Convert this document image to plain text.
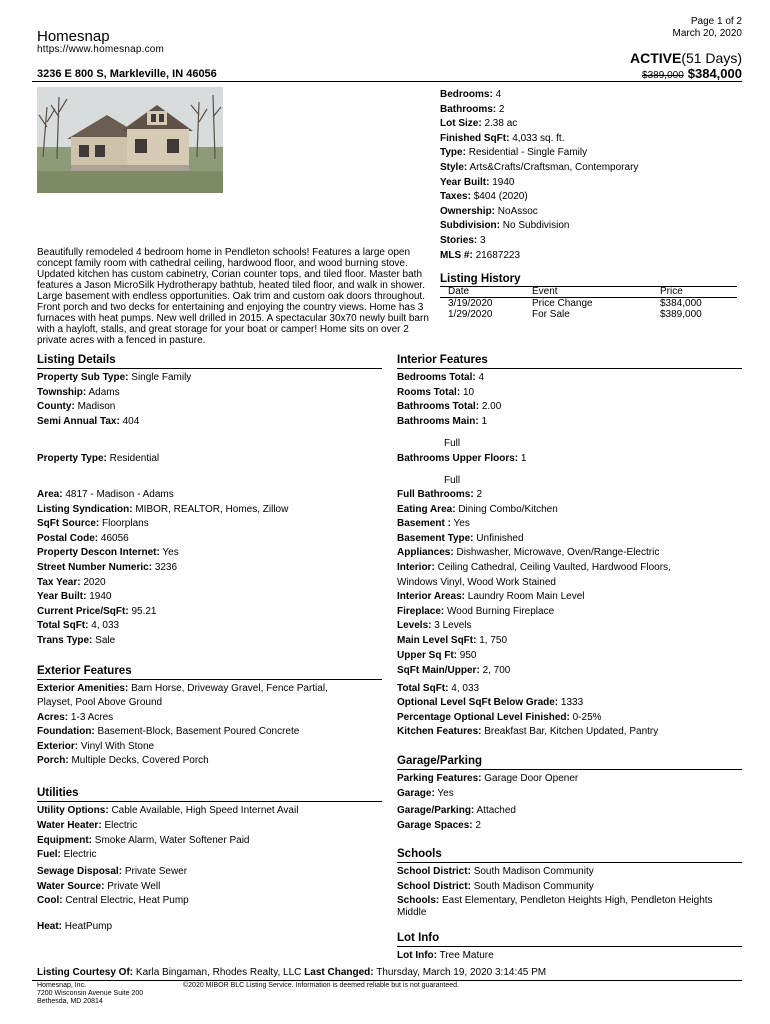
Homesnap
https://www.homesnap.com
Page 1 of 2
March 20, 2020
ACTIVE(51 Days)
3236 E 800 S, Markleville, IN 46056	$389,000 $384,000
Bedrooms: 4
Bathrooms: 2
Lot Size: 2.38 ac
Finished SqFt: 4,033 sq. ft.
Type: Residential - Single Family
Style: Arts&Crafts/Craftsman, Contemporary
Year Built: 1940
Taxes: $404 (2020)
Ownership: NoAssoc
Subdivision: No Subdivision
Stories: 3
MLS #: 21687223
Beautifully remodeled 4 bedroom home in Pendleton schools! Features a large open concept family room with cathedral ceiling, hardwood floor, and wood burning stove. Updated kitchen has custom cabinetry, Corian counter tops, and tiled floor. Master bath features a Jason MicroSilk Hydrotherapy bathtub, heated tiled floor, and walk in shower. Large basement with endless opportunities. Oak trim and custom oak doors throughout. Front porch and two decks for entertaining and enjoying the country views. Home has 3 furnaces with heat pumps. New well drilled in 2015. A spectacular 30x70 newly built barn with a hayloft, stalls, and great storage for your boat or camper! Home sits on over 2 private acres with a fenced in pasture.
Listing History
Date	Event	Price
3/19/2020	Price Change	$384,000
1/29/2020	For Sale	$389,000
Listing Details	Interior Features
Exterior Features
Utilities
Garage/Parking
Schools
Lot Info
Property Sub Type: Single Family
Township: Adams
County: Madison
Semi Annual Tax: 404
Property Type: Residential
Area: 4817 - Madison - Adams
Listing Syndication: MIBOR, REALTOR, Homes, Zillow
SqFt Source: Floorplans
Postal Code: 46056
Property Descon Internet: Yes
Street Number Numeric: 3236
Tax Year: 2020
Year Built: 1940
Current Price/SqFt: 95.21
Total SqFt: 4, 033
Trans Type: Sale
Exterior Amenities: Barn Horse, Driveway Gravel, Fence Partial,
Playset, Pool Above Ground
Acres: 1-3 Acres
Foundation: Basement-Block, Basement Poured Concrete
Exterior: Vinyl With Stone
Porch: Multiple Decks, Covered Porch
Utility Options: Cable Available, High Speed Internet Avail
Water Heater: Electric
Equipment: Smoke Alarm, Water Softener Paid
Fuel: Electric
Sewage Disposal: Private Sewer
Water Source: Private Well
Cool: Central Electric, Heat Pump
Heat: HeatPump
Bedrooms Total: 4
Rooms Total: 10
Bathrooms Total: 2.00
Bathrooms Main: 1
Full
Bathrooms Upper Floors: 1
Full
Full Bathrooms: 2
Eating Area: Dining Combo/Kitchen
Basement : Yes
Basement Type: Unfinished
Appliances: Dishwasher, Microwave, Oven/Range-Electric
Interior: Ceiling Cathedral, Ceiling Vaulted, Hardwood Floors,
Windows Vinyl, Wood Work Stained
Interior Areas: Laundry Room Main Level
Fireplace: Wood Burning Fireplace
Levels: 3 Levels
Main Level SqFt: 1, 750
Upper Sq Ft: 950
SqFt Main/Upper: 2, 700
Total SqFt: 4, 033
Optional Level SqFt Below Grade: 1333
Percentage Optional Level Finished: 0-25%
Kitchen Features: Breakfast Bar, Kitchen Updated, Pantry
Parking Features: Garage Door Opener
Garage: Yes
Garage/Parking: Attached
Garage Spaces: 2
School District: South Madison Community
School District: South Madison Community
Schools: East Elementary, Pendleton Heights High, Pendleton Heights
Middle
Lot Info: Tree Mature
Listing Courtesy Of: Karla Bingaman, Rhodes Realty, LLC Last Changed: Thursday, March 19, 2020 3:14:45 PM
Homesnap, Inc.
7200 Wisconsin Avenue Suite 200
Bethesda, MD 20814
©2020 MIBOR BLC Listing Service. Information is deemed reliable but is not guaranteed.
